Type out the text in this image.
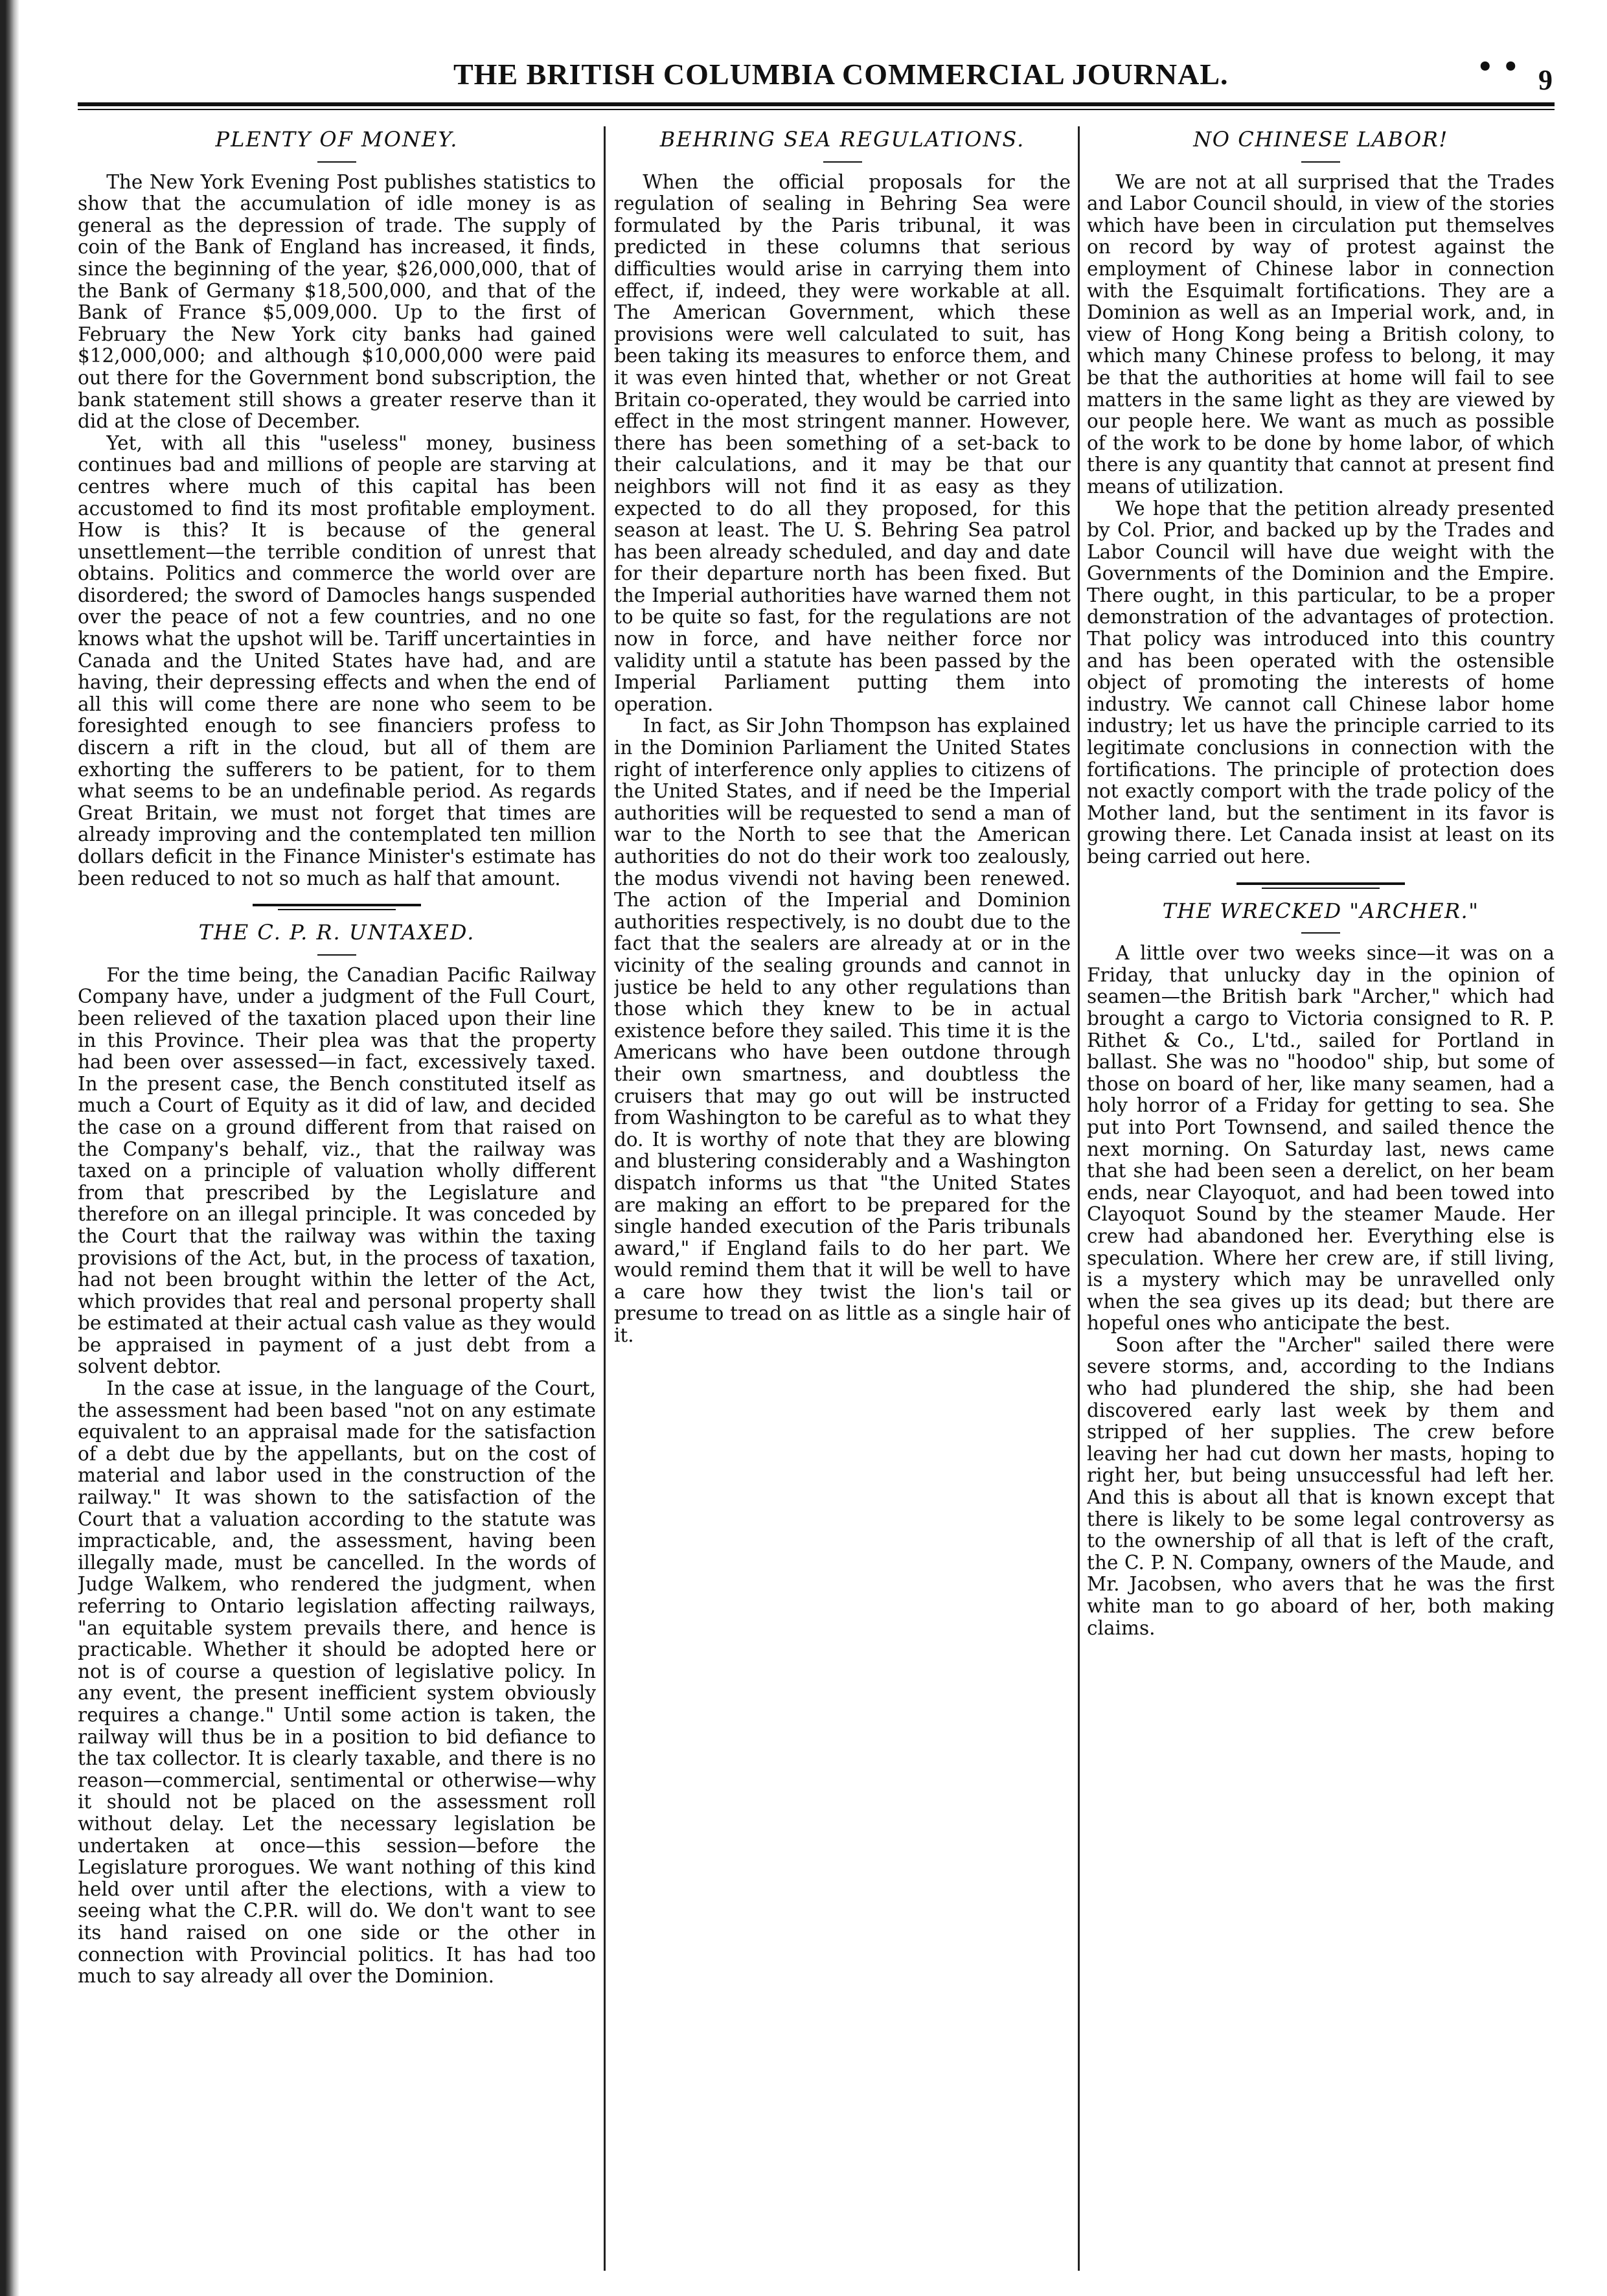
THE BRITISH COLUMBIA COMMERCIAL JOURNAL.	• • 9
PLENTY OF MONEY.

The New York Evening Post publishes statistics to show that the accumulation of idle money is as general as the depression of trade. The supply of coin of the Bank of England has increased, it finds, since the beginning of the year, $26,000,000, that of the Bank of Germany $18,500,000, and that of the Bank of France $5,009,000. Up to the first of February the New York city banks had gained $12,000,000; and although $10,000,000 were paid out there for the Government bond subscription, the bank statement still shows a greater reserve than it did at the close of December.

Yet, with all this "useless" money, business continues bad and millions of people are starving at centres where much of this capital has been accustomed to find its most profitable employment. How is this? It is because of the general unsettlement—the terrible condition of unrest that obtains. Politics and commerce the world over are disordered; the sword of Damocles hangs suspended over the peace of not a few countries, and no one knows what the upshot will be. Tariff uncertainties in Canada and the United States have had, and are having, their depressing effects and when the end of all this will come there are none who seem to be foresighted enough to see financiers profess to discern a rift in the cloud, but all of them are exhorting the sufferers to be patient, for to them what seems to be an undefinable period. As regards Great Britain, we must not forget that times are already improving and the contemplated ten million dollars deficit in the Finance Minister's estimate has been reduced to not so much as half that amount.

THE C. P. R. UNTAXED.

For the time being, the Canadian Pacific Railway Company have, under a judgment of the Full Court, been relieved of the taxation placed upon their line in this Province. Their plea was that the property had been over assessed—in fact, excessively taxed. In the present case, the Bench constituted itself as much a Court of Equity as it did of law, and decided the case on a ground different from that raised on the Company's behalf, viz., that the railway was taxed on a principle of valuation wholly different from that prescribed by the Legislature and therefore on an illegal principle. It was conceded by the Court that the railway was within the taxing provisions of the Act, but, in the process of taxation, had not been brought within the letter of the Act, which provides that real and personal property shall be estimated at their actual cash value as they would be appraised in payment of a just debt from a solvent debtor.

In the case at issue, in the language of the Court, the assessment had been based "not on any estimate equivalent to an appraisal made for the satisfaction of a debt due by the appellants, but on the cost of material and labor used in the construction of the railway." It was shown to the satisfaction of the Court that a valuation according to the statute was impracticable, and, the assessment, having been illegally made, must be cancelled. In the words of Judge Walkem, who rendered the judgment, when referring to Ontario legislation affecting railways, "an equitable system prevails there, and hence is practicable. Whether it should be adopted here or not is of course a question of legislative policy. In any event, the present inefficient system obviously requires a change." Until some action is taken, the railway will thus be in a position to bid defiance to the tax collector. It is clearly taxable, and there is no reason—commercial, sentimental or otherwise—why it should not be placed on the assessment roll without delay. Let the necessary legislation be undertaken at once—this session—before the Legislature prorogues. We want nothing of this kind held over until after the elections, with a view to seeing what the C.P.R. will do. We don't want to see its hand raised on one side or the other in connection with Provincial politics. It has had too much to say already all over the Dominion.

BEHRING SEA REGULATIONS.

When the official proposals for the regulation of sealing in Behring Sea were formulated by the Paris tribunal, it was predicted in these columns that serious difficulties would arise in carrying them into effect, if, indeed, they were workable at all. The American Government, which these provisions were well calculated to suit, has been taking its measures to enforce them, and it was even hinted that, whether or not Great Britain co-operated, they would be carried into effect in the most stringent manner. However, there has been something of a set-back to their calculations, and it may be that our neighbors will not find it as easy as they expected to do all they proposed, for this season at least. The U. S. Behring Sea patrol has been already scheduled, and day and date for their departure north has been fixed. But the Imperial authorities have warned them not to be quite so fast, for the regulations are not now in force, and have neither force nor validity until a statute has been passed by the Imperial Parliament putting them into operation.

In fact, as Sir John Thompson has explained in the Dominion Parliament the United States right of interference only applies to citizens of the United States, and if need be the Imperial authorities will be requested to send a man of war to the North to see that the American authorities do not do their work too zealously, the modus vivendi not having been renewed. The action of the Imperial and Dominion authorities respectively, is no doubt due to the fact that the sealers are already at or in the vicinity of the sealing grounds and cannot in justice be held to any other regulations than those which they knew to be in actual existence before they sailed. This time it is the Americans who have been outdone through their own smartness, and doubtless the cruisers that may go out will be instructed from Washington to be careful as to what they do. It is worthy of note that they are blowing and blustering considerably and a Washington dispatch informs us that "the United States are making an effort to be prepared for the single handed execution of the Paris tribunals award," if England fails to do her part. We would remind them that it will be well to have a care how they twist the lion's tail or presume to tread on as little as a single hair of it.

NO CHINESE LABOR!

We are not at all surprised that the Trades and Labor Council should, in view of the stories which have been in circulation put themselves on record by way of protest against the employment of Chinese labor in connection with the Esquimalt fortifications. They are a Dominion as well as an Imperial work, and, in view of Hong Kong being a British colony, to which many Chinese profess to belong, it may be that the authorities at home will fail to see matters in the same light as they are viewed by our people here. We want as much as possible of the work to be done by home labor, of which there is any quantity that cannot at present find means of utilization.

We hope that the petition already presented by Col. Prior, and backed up by the Trades and Labor Council will have due weight with the Governments of the Dominion and the Empire. There ought, in this particular, to be a proper demonstration of the advantages of protection. That policy was introduced into this country and has been operated with the ostensible object of promoting the interests of home industry. We cannot call Chinese labor home industry; let us have the principle carried to its legitimate conclusions in connection with the fortifications. The principle of protection does not exactly comport with the trade policy of the Mother land, but the sentiment in its favor is growing there. Let Canada insist at least on its being carried out here.

THE WRECKED "ARCHER."

A little over two weeks since—it was on a Friday, that unlucky day in the opinion of seamen—the British bark "Archer," which had brought a cargo to Victoria consigned to R. P. Rithet & Co., L'td., sailed for Portland in ballast. She was no "hoodoo" ship, but some of those on board of her, like many seamen, had a holy horror of a Friday for getting to sea. She put into Port Townsend, and sailed thence the next morning. On Saturday last, news came that she had been seen a derelict, on her beam ends, near Clayoquot, and had been towed into Clayoquot Sound by the steamer Maude. Her crew had abandoned her. Everything else is speculation. Where her crew are, if still living, is a mystery which may be unravelled only when the sea gives up its dead; but there are hopeful ones who anticipate the best.

Soon after the "Archer" sailed there were severe storms, and, according to the Indians who had plundered the ship, she had been discovered early last week by them and stripped of her supplies. The crew before leaving her had cut down her masts, hoping to right her, but being unsuccessful had left her. And this is about all that is known except that there is likely to be some legal controversy as to the ownership of all that is left of the craft, the C. P. N. Company, owners of the Maude, and Mr. Jacobsen, who avers that he was the first white man to go aboard of her, both making claims.
